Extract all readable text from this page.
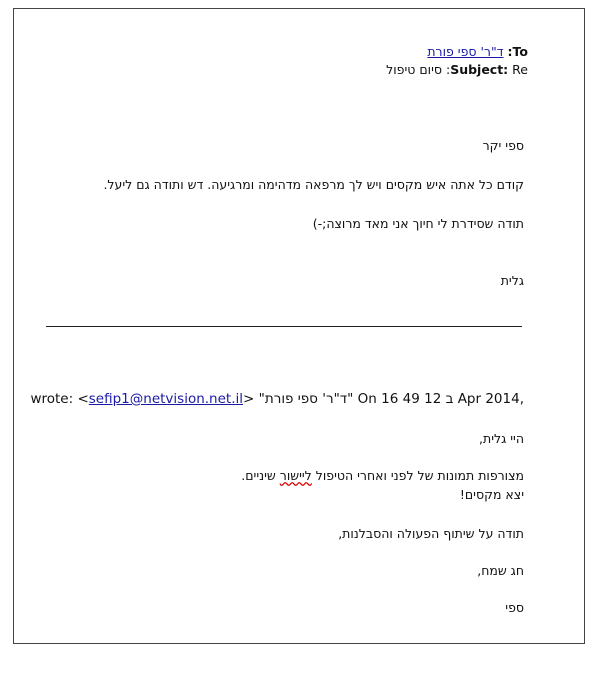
To: ד"ר' ספי פורת
Subject: Re: סיום טיפול
ספי יקר
קודם כל אתה איש מקסים ויש לך מרפאה מדהימה ומרגיעה. דש ותודה גם ליעל.
תודה שסידרת לי חיוך אני מאד מרוצה;-)
גלית
wrote: <sefip1@netvision.net.il> "ד"ר' ספי פורת" On 16 ב 12 49 Apr 2014,
היי גלית,
מצורפות תמונות של לפני ואחרי הטיפול ליישור שיניים.
יצא מקסים!
תודה על שיתוף הפעולה והסבלנות,
חג שמח,
ספי
